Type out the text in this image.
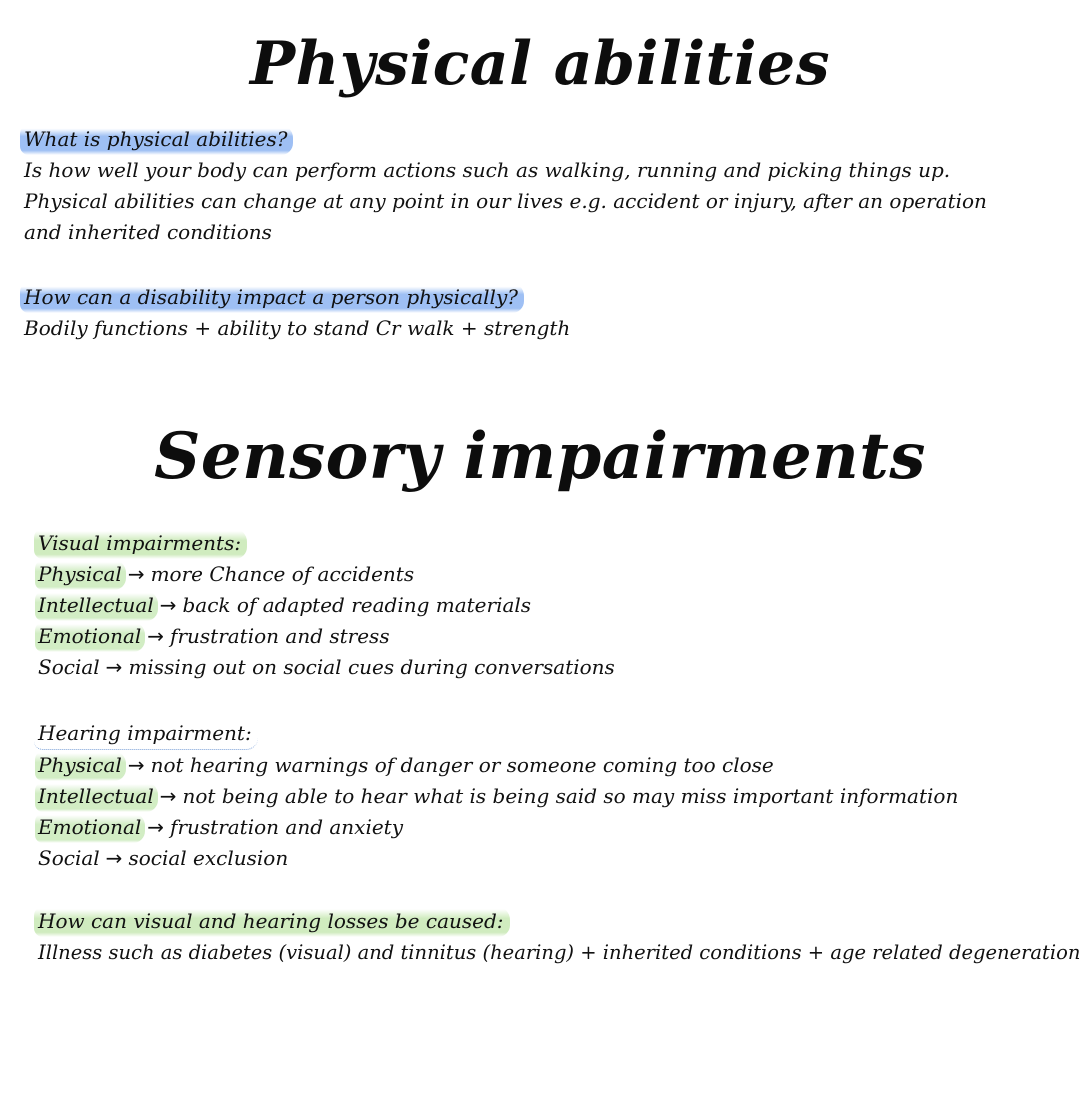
Physical abilities
What is physical abilities?
Is how well your body can perform actions such as walking, running and picking things up. Physical abilities can change at any point in our lives e.g. accident or injury, after an operation and inherited conditions
How can a disability impact a person physically?
Bodily functions + ability to stand Cr walk + strength
Sensory impairments
Visual impairments:
Physical → more Chance of accidents
Intellectual → back of adapted reading materials
Emotional → frustration and stress
Social → missing out on social cues during conversations
Hearing impairment:
Physical → not hearing warnings of danger or someone coming too close
Intellectual → not being able to hear what is being said so may miss important information
Emotional → frustration and anxiety
Social → social exclusion
How can visual and hearing losses be caused:
Illness such as diabetes (visual) and tinnitus (hearing) + inherited conditions + age related degeneration
